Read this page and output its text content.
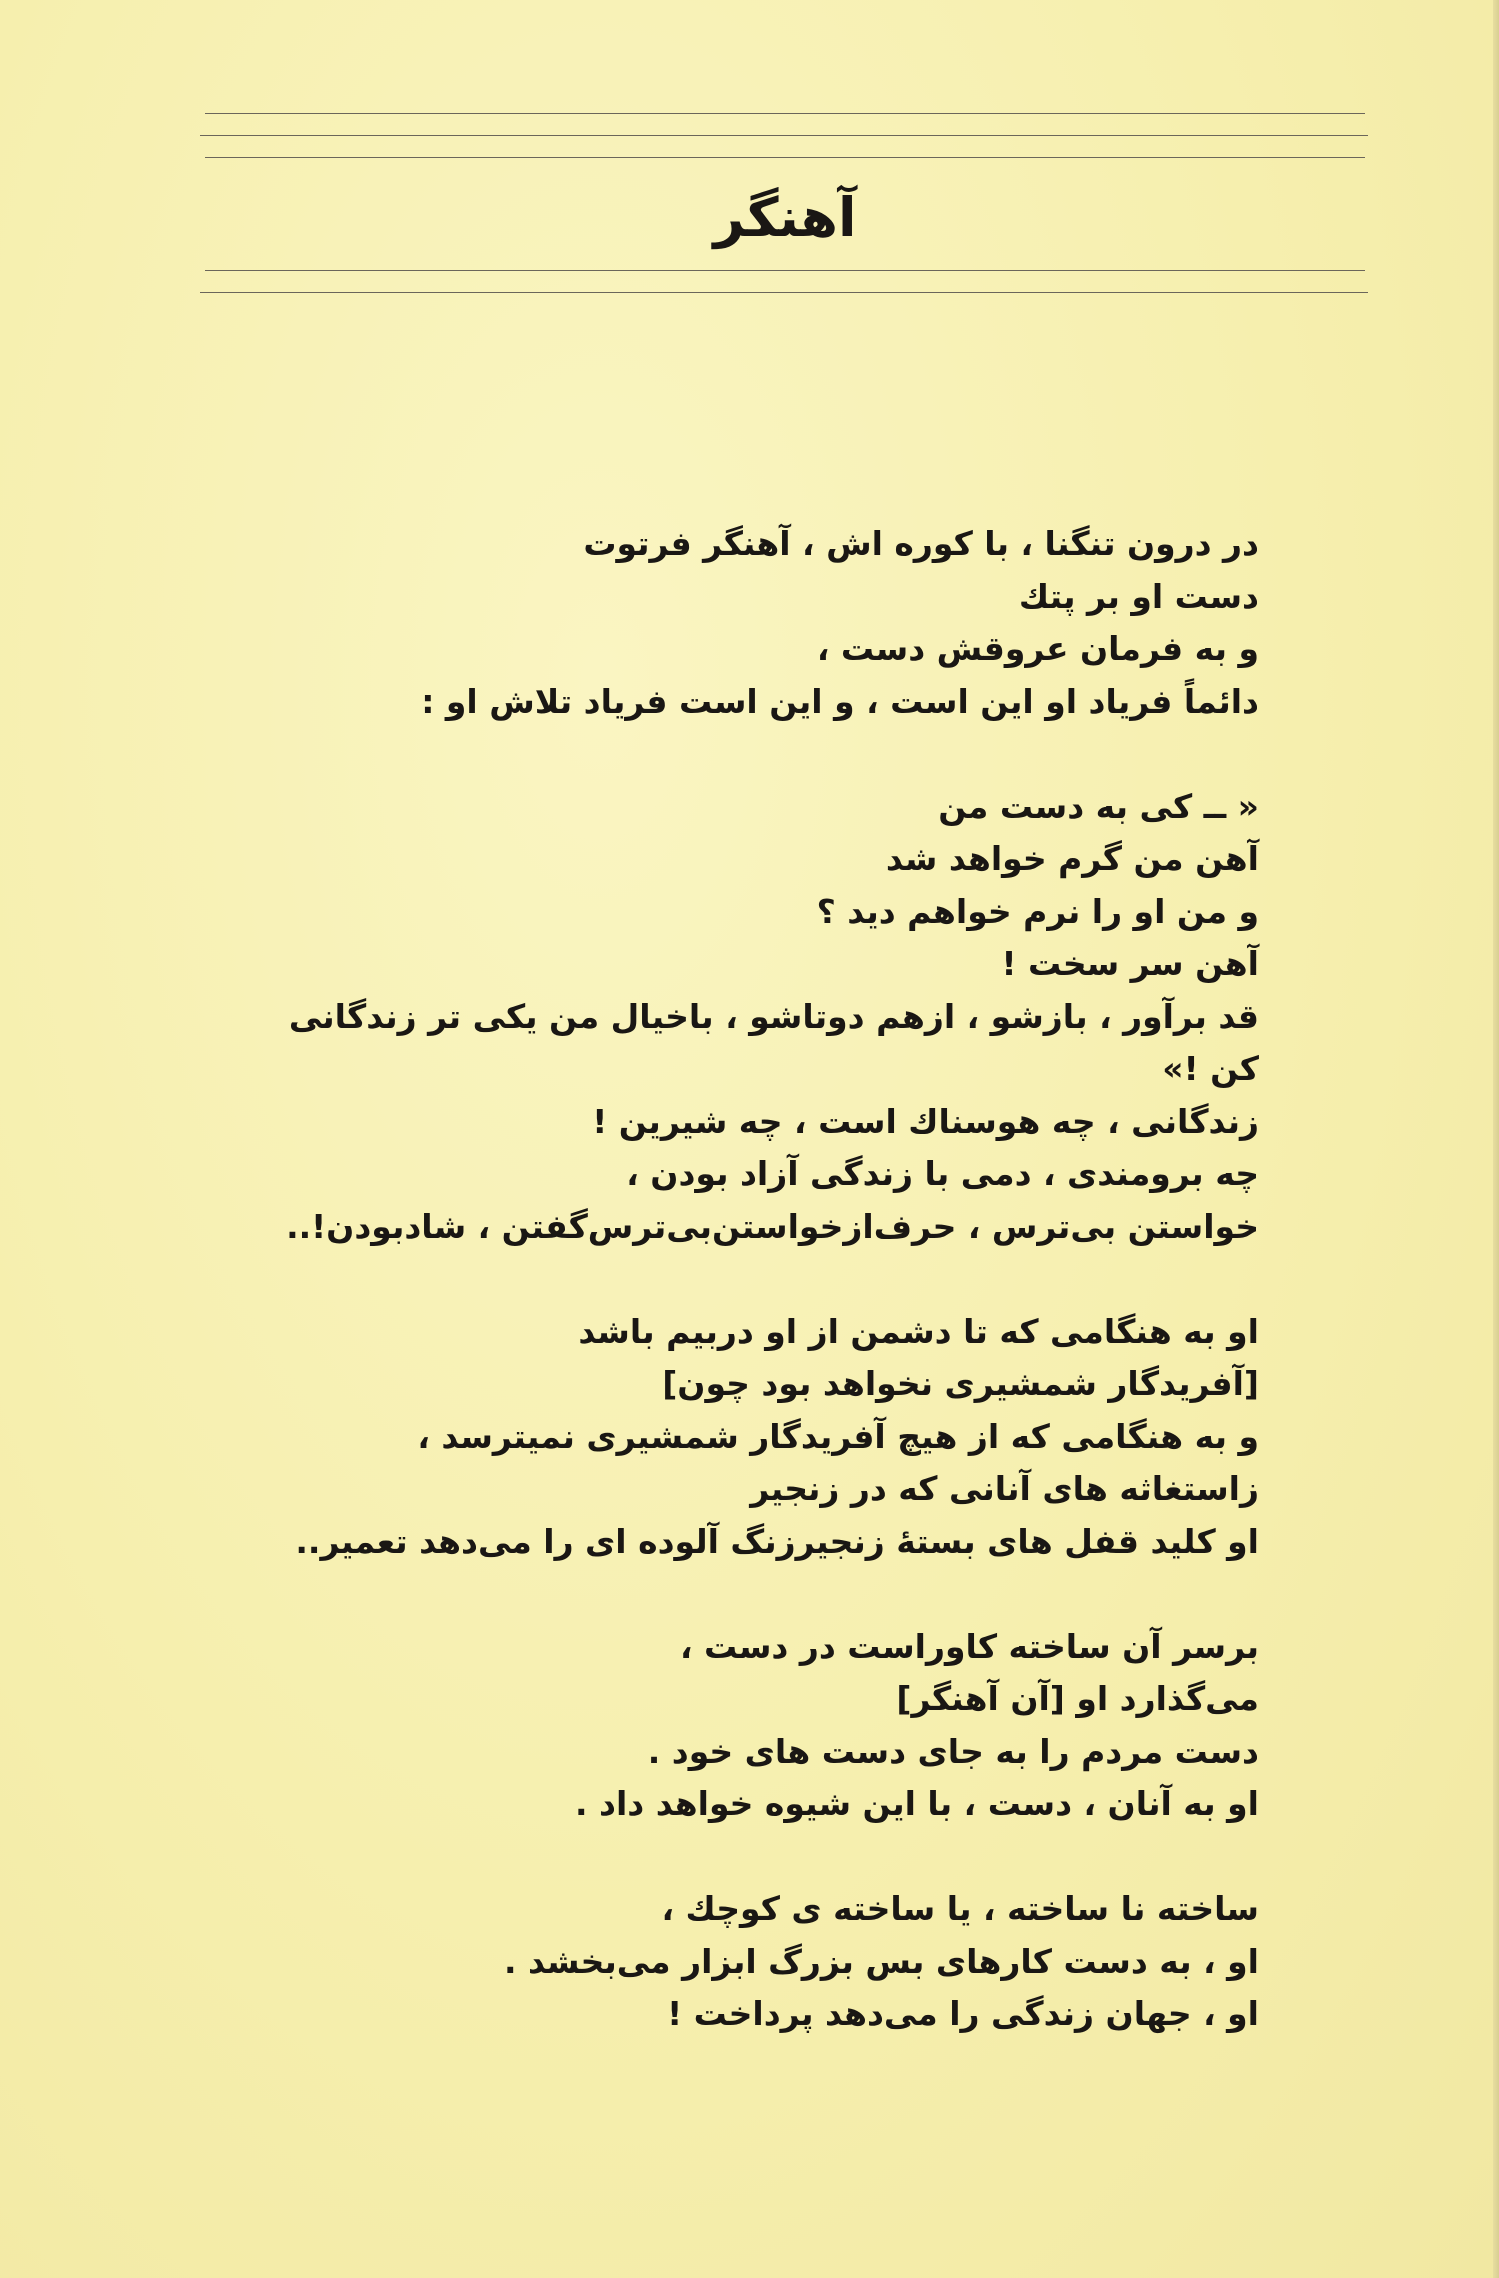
آهنگر
در درون تنگنا ، با کوره اش ، آهنگر فرتوت
دست او بر پتك
و به فرمان عروقش دست ،
دائماً فریاد او این است ، و این است فریاد تلاش او :
« ــ کی به دست من
آهن من گرم خواهد شد
و من او را نرم خواهم دید ؟
آهن سر سخت !
قد برآور ، بازشو ، ازهم دوتاشو ، باخیال من یکی تر زندگانی
کن !»
زندگانی ، چه هوسناك است ، چه شیرین !
چه برومندی ، دمی با زندگی آزاد بودن ،
خواستن بی‌ترس ، حرف‌ازخواستن‌بی‌ترس‌گفتن ، شادبودن!..
او به هنگامی که تا دشمن از او دربیم باشد
[آفریدگار شمشیری نخواهد بود چون]
و به هنگامی که از هیچ آفریدگار شمشیری نمیترسد ،
زاستغاثه های آنانی که در زنجیر
او کلید قفل های بستهٔ زنجیرزنگ آلوده ای را می‌دهد تعمیر..
برسر آن ساخته کاوراست در دست ،
می‌گذارد او [آن آهنگر]
دست مردم را به جای دست های خود .
او به آنان ، دست ، با این شیوه خواهد داد .
ساخته نا ساخته ، یا ساخته ی کوچك ،
او ، به دست کارهای بس بزرگ ابزار می‌بخشد .
او ، جهان زندگی را می‌دهد پرداخت !
